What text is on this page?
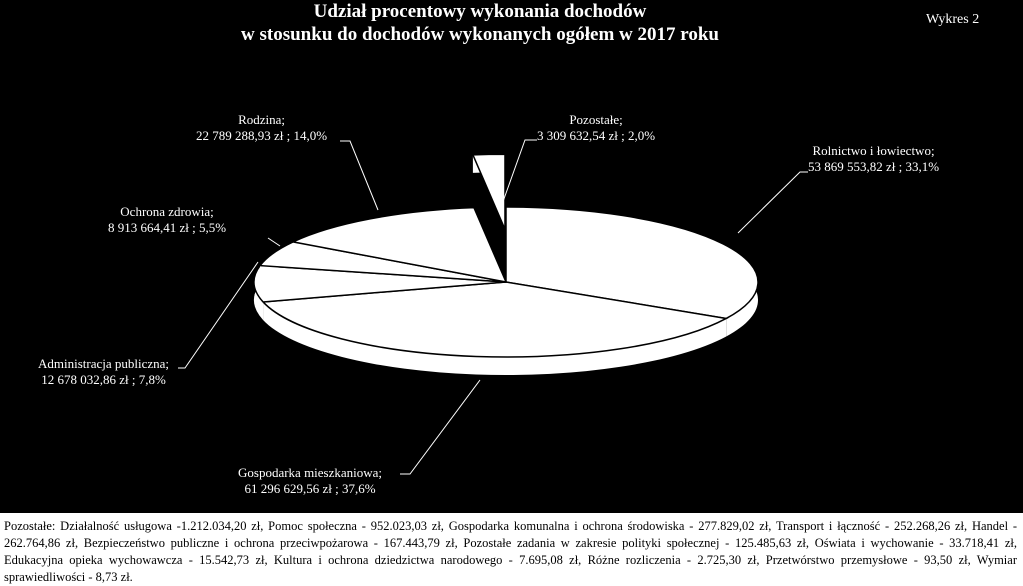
Udział procentowy wykonania dochodów
w stosunku do dochodów wykonanych ogółem w 2017 roku
Wykres 2
Rolnictwo i łowiectwo;
53 869 553,82 zł ; 33,1%
Gospodarka mieszkaniowa;
61 296 629,56 zł ; 37,6%
Administracja publiczna;
12 678 032,86 zł ; 7,8%
Ochrona zdrowia;
8 913 664,41 zł ; 5,5%
Rodzina;
22 789 288,93 zł ; 14,0%
Pozostałe;
3 309 632,54 zł ; 2,0%
Pozostałe: Działalność usługowa -1.212.034,20 zł, Pomoc społeczna - 952.023,03 zł, Gospodarka komunalna i ochrona środowiska - 277.829,02 zł, Transport i łączność - 252.268,26 zł, Handel - 262.764,86 zł, Bezpieczeństwo publiczne i ochrona przeciwpożarowa - 167.443,79 zł, Pozostałe zadania w zakresie polityki społecznej - 125.485,63 zł, Oświata i wychowanie - 33.718,41 zł, Edukacyjna opieka wychowawcza - 15.542,73 zł, Kultura i ochrona dziedzictwa narodowego - 7.695,08 zł, Różne rozliczenia - 2.725,30 zł, Przetwórstwo przemysłowe - 93,50 zł, Wymiar sprawiedliwości - 8,73 zł.
